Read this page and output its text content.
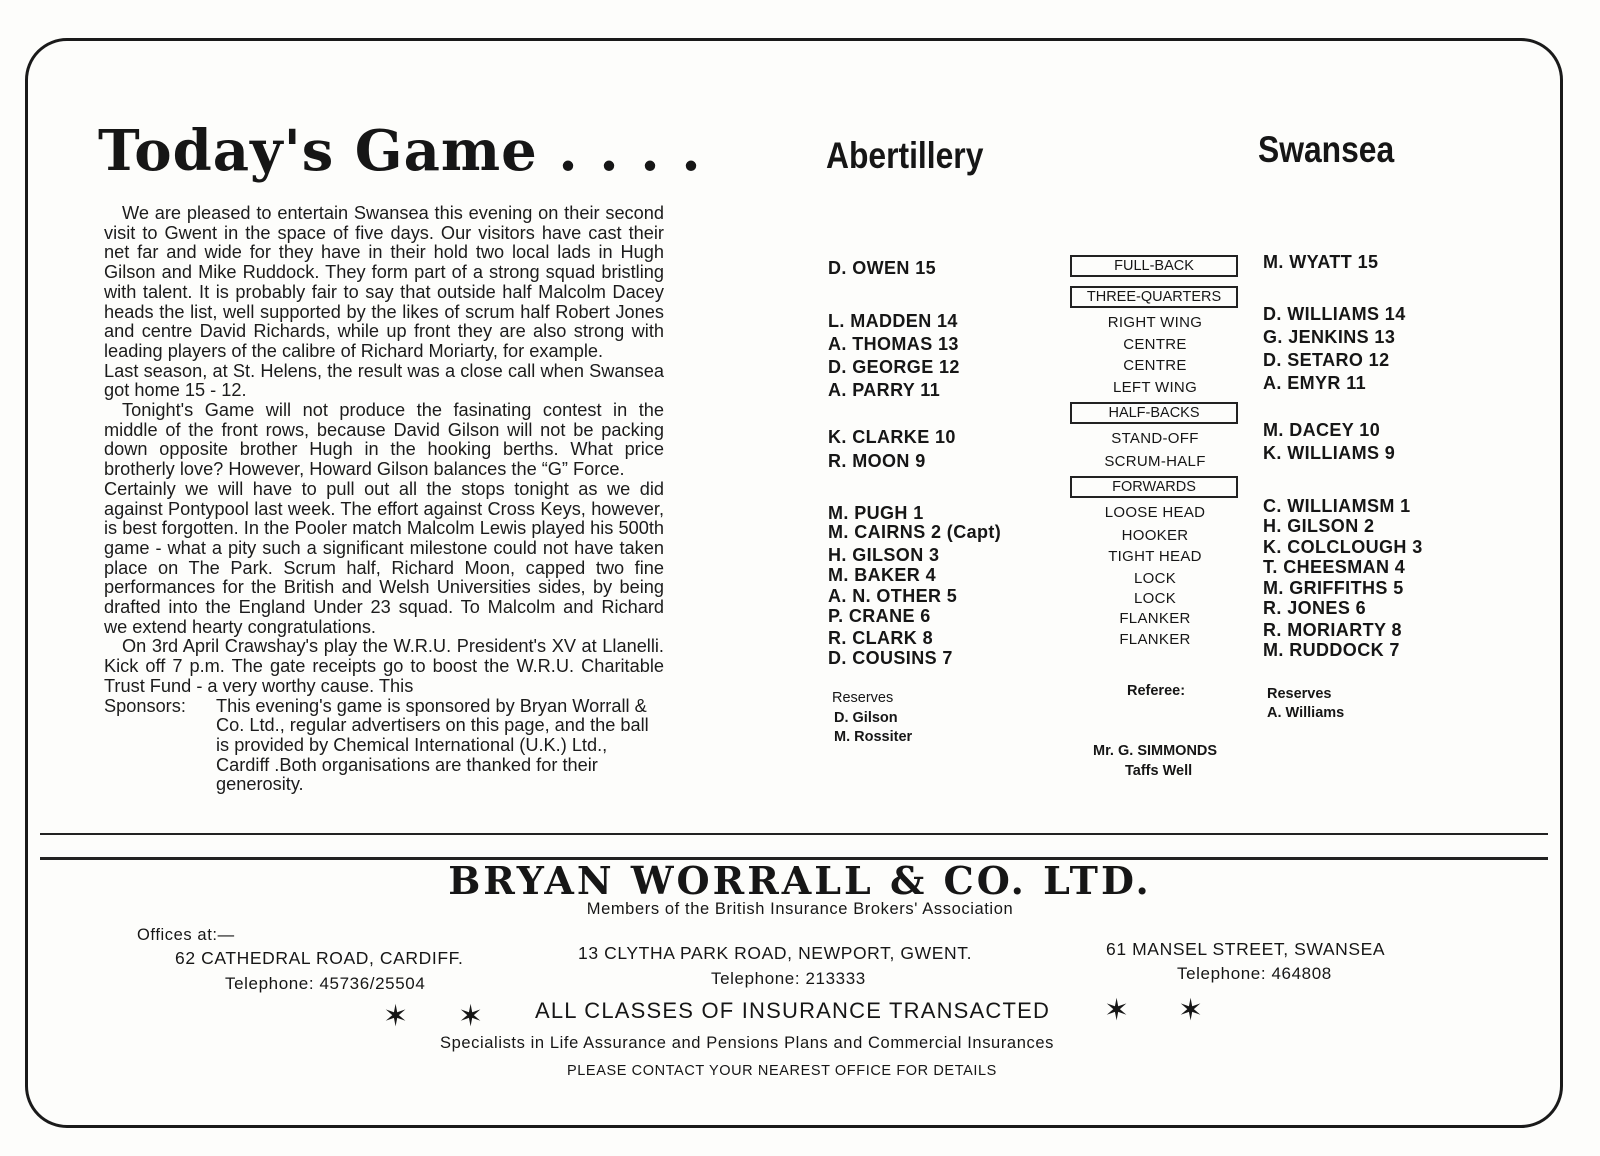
Today's Game . . . .

We are pleased to entertain Swansea this evening on their second visit to Gwent in the space of five days. Our visitors have cast their net far and wide for they have in their hold two local lads in Hugh Gilson and Mike Ruddock. They form part of a strong squad bristling with talent. It is probably fair to say that outside half Malcolm Dacey heads the list, well supported by the likes of scrum half Robert Jones and centre David Richards, while up front they are also strong with leading players of the calibre of Richard Moriarty, for example.

Last season, at St. Helens, the result was a close call when Swansea got home 15 - 12.

Tonight's Game will not produce the fasinating contest in the middle of the front rows, because David Gilson will not be packing down opposite brother Hugh in the hooking berths. What price brotherly love? However, Howard Gilson balances the “G” Force.

Certainly we will have to pull out all the stops tonight as we did against Pontypool last week. The effort against Cross Keys, however, is best forgotten. In the Pooler match Malcolm Lewis played his 500th game - what a pity such a significant milestone could not have taken place on The Park. Scrum half, Richard Moon, capped two fine performances for the British and Welsh Universities sides, by being drafted into the England Under 23 squad. To Malcolm and Richard we extend hearty congratulations.

On 3rd April Crawshay's play the W.R.U. President's XV at Llanelli. Kick off 7 p.m. The gate receipts go to boost the W.R.U. Charitable Trust Fund - a very worthy cause. This

Sponsors:	This evening's game is sponsored by Bryan Worrall & Co. Ltd., regular advertisers on this page, and the ball is provided by Chemical International (U.K.) Ltd., Cardiff .Both organisations are thanked for their generosity.
Abertillery	Swansea
D. OWEN 15
L. MADDEN 14
A. THOMAS 13
D. GEORGE 12
A. PARRY 11
K. CLARKE 10
R. MOON 9
M. PUGH 1
M. CAIRNS 2 (Capt)
H. GILSON 3
M. BAKER 4
A. N. OTHER 5
P. CRANE 6
R. CLARK 8
D. COUSINS 7
Reserves
D. Gilson
M. Rossiter
FULL-BACK
THREE-QUARTERS
RIGHT WING
CENTRE
CENTRE
LEFT WING
HALF-BACKS
STAND-OFF
SCRUM-HALF
FORWARDS
LOOSE HEAD
HOOKER
TIGHT HEAD
LOCK
LOCK
FLANKER
FLANKER
Referee:
Mr. G. SIMMONDS
Taffs Well
M. WYATT 15
D. WILLIAMS 14
G. JENKINS 13
D. SETARO 12
A. EMYR 11
M. DACEY 10
K. WILLIAMS 9
C. WILLIAMSM 1
H. GILSON 2
K. COLCLOUGH 3
T. CHEESMAN 4
M. GRIFFITHS 5
R. JONES 6
R. MORIARTY 8
M. RUDDOCK 7
Reserves
A. Williams
BRYAN WORRALL & CO. LTD.
Members of the British Insurance Brokers' Association
Offices at:—
62 CATHEDRAL ROAD, CARDIFF.
Telephone: 45736/25504
13 CLYTHA PARK ROAD, NEWPORT, GWENT.
Telephone: 213333
61 MANSEL STREET, SWANSEA
Telephone: 464808
✶ ✶ ALL CLASSES OF INSURANCE TRANSACTED ✶ ✶
Specialists in Life Assurance and Pensions Plans and Commercial Insurances
PLEASE CONTACT YOUR NEAREST OFFICE FOR DETAILS
